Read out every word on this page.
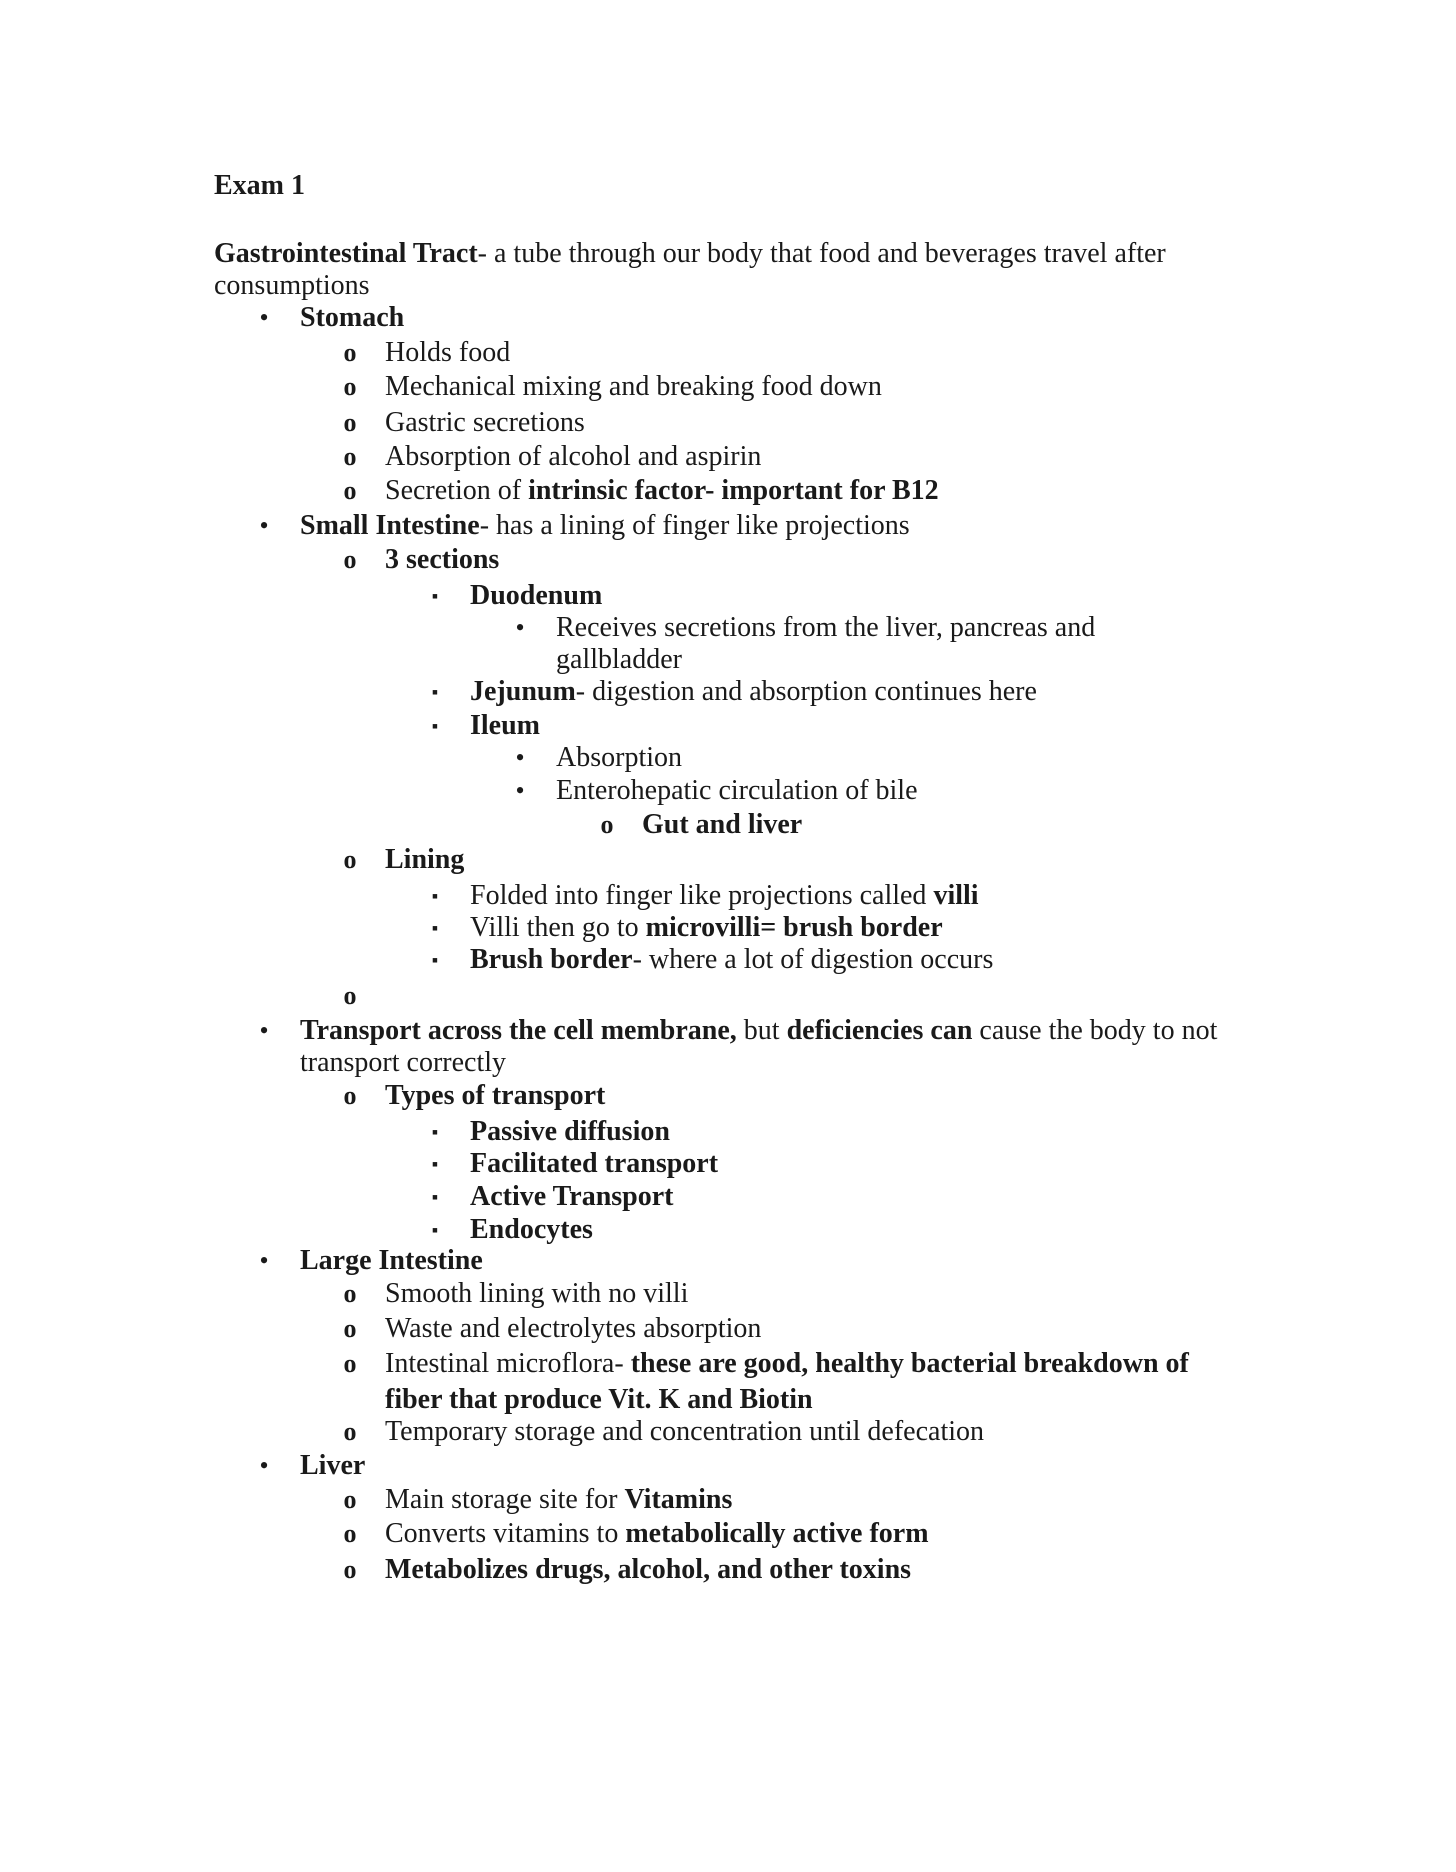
Exam 1
Gastrointestinal Tract- a tube through our body that food and beverages travel after
consumptions
•	Stomach
o	Holds food
o	Mechanical mixing and breaking food down
o	Gastric secretions
o	Absorption of alcohol and aspirin
o	Secretion of intrinsic factor- important for B12
•	Small Intestine- has a lining of finger like projections
o	3 sections
▪	Duodenum
•	Receives secretions from the liver, pancreas and
gallbladder
▪	Jejunum- digestion and absorption continues here
▪	Ileum
•	Absorption
•	Enterohepatic circulation of bile
o	Gut and liver
o	Lining
▪	Folded into finger like projections called villi
▪	Villi then go to microvilli= brush border
▪	Brush border- where a lot of digestion occurs
o
•	Transport across the cell membrane, but deficiencies can cause the body to not
transport correctly
o	Types of transport
▪	Passive diffusion
▪	Facilitated transport
▪	Active Transport
▪	Endocytes
•	Large Intestine
o	Smooth lining with no villi
o	Waste and electrolytes absorption
o	Intestinal microflora- these are good, healthy bacterial breakdown of
fiber that produce Vit. K and Biotin
o	Temporary storage and concentration until defecation
•	Liver
o	Main storage site for Vitamins
o	Converts vitamins to metabolically active form
o	Metabolizes drugs, alcohol, and other toxins
